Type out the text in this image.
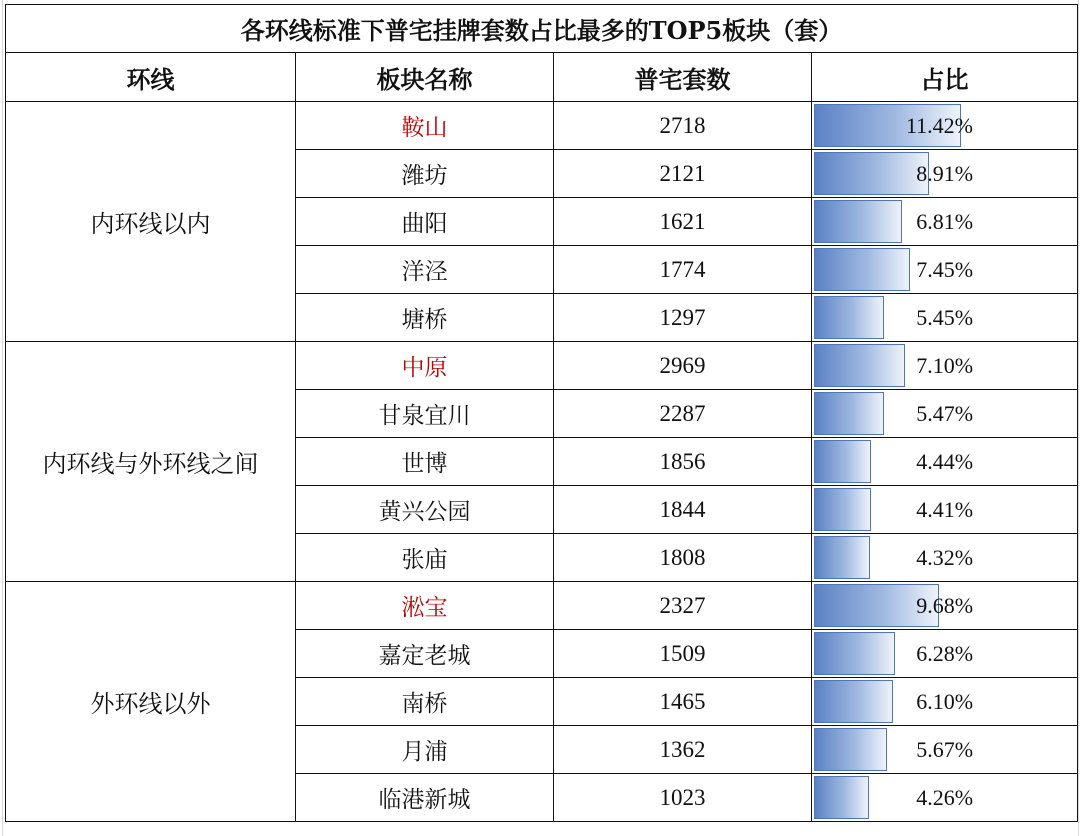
各环线标准下普宅挂牌套数占比最多的TOP5板块（套）			
环线	板块名称	普宅套数	占比
内环线以内	鞍山	2718	11.42%

	潍坊	2121	8.91%

	曲阳	1621	6.81%

	洋泾	1774	7.45%

	塘桥	1297	5.45%

内环线与外环线之间	中原	2969	7.10%

	甘泉宜川	2287	5.47%

	世博	1856	4.44%

	黄兴公园	1844	4.41%

	张庙	1808	4.32%

外环线以外	淞宝	2327	9.68%

	嘉定老城	1509	6.28%

	南桥	1465	6.10%

	月浦	1362	5.67%

	临港新城	1023	4.26%
